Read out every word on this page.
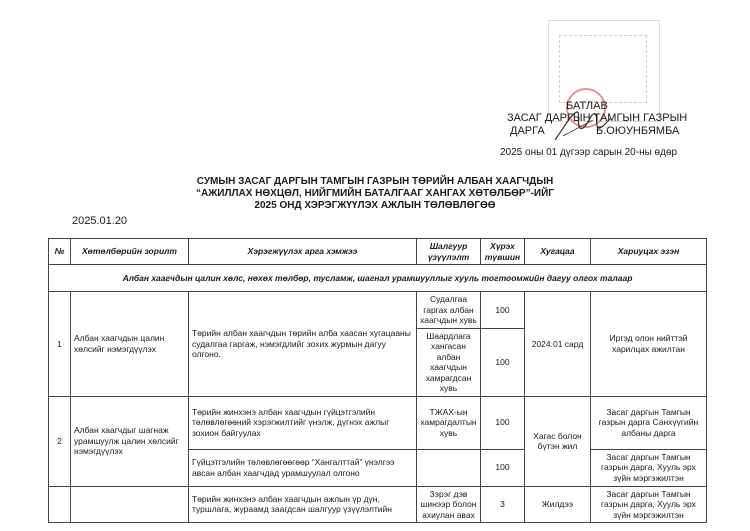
БАТЛАВ
ЗАСАГ ДАРГЫН ТАМГЫН ГАЗРЫН
ДАРГА	Б.ОЮУНБЯМБА
2025 оны 01 дүгээр сарын 20-ны өдөр
СУМЫН ЗАСАГ ДАРГЫН ТАМГЫН ГАЗРЫН ТӨРИЙН АЛБАН ХААГЧДЫН
“АЖИЛЛАХ НӨХЦӨЛ, НИЙГМИЙН БАТАЛГААГ ХАНГАХ ХӨТӨЛБӨР”-ИЙГ
2025 ОНД ХЭРЭГЖҮҮЛЭХ АЖЛЫН ТӨЛӨВЛӨГӨӨ
2025.01.20
№	Хөтөлбөрийн зорилт	Хэрэгжүүлэх арга хэмжээ	Шалгуур үзүүлэлт	Хүрэх түвшин	Хугацаа	Хариуцах эзэн
Албан хаагчдын цалин хөлс, нөхөх төлбөр, тусламж, шагнал урамшууллыг хууль тогтоомжийн дагуу олгох талаар						
1	Албан хаагчдын цалин хөлсийг нэмэгдүүлэх	Төрийн албан хаагчдын төрийн алба хаасан хугацааны судалгаа гаргаж, нэмэгдлийг зохих журмын дагуу олгоно.	Судалгаа гаргах албан хаагчдын хувь	100	2024.01 сард	Иргэд олон нийттэй харилцах ажилтан
			Шаардлага хангасан албан хаагчдын хамрагдсан хувь	100		
2	Албан хаагчдыг шагнаж урамшуулж цалин хөлсийг нэмэгдүүлэх	Төрийн жинхэнэ албан хаагчдын гүйцэтгэлийн төлөвлөгөөний хэрэгжилтийг үнэлж, дүгнэх ажлыг зохион байгуулах	ТЖАХ-ын хамрагдалтын хувь	100	Хагас болон бүтэн жил	Засаг даргын Тамгын газрын дарга Санхүүгийн албаны дарга
		Гүйцэтгэлийн төлөвлөгөөгөөр “Хангалттай” үнэлгээ авсан албан хаагчдад урамшуулал олгоно		100		Засаг даргын Тамгын газрын дарга, Хууль эрх зүйн мэргэжилтэн

		Төрийн жинхэнэ албан хаагчдын ажлын үр дүн, туршлага, жураамд заагдсан шалгуур үзүүлэлтийн	Зэрэг дэв шинээр болон ахиулан авах	3	Жилдээ	Засаг даргын Тамгын газрын дарга, Хууль эрх зүйн мэргэжилтэн
